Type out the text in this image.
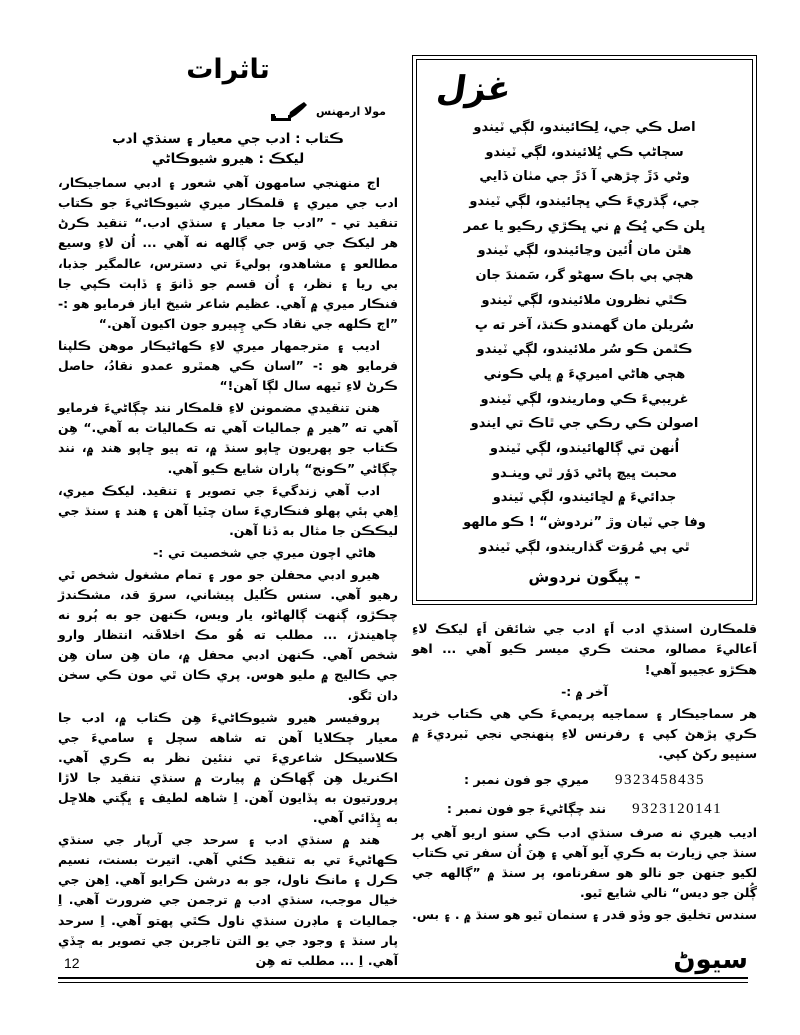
تاثرات
مولا ارمهنس
ڪتاب : ادب جي معيار ۽ سنڌي ادب
ليکڪ : هيرو شيوڪاڻي

اڄ منهنجي سامهون آهي شعور ۽ ادبي سماجيڪار، ادب جي ميري ۽ قلمڪار ميري شيوڪاڻيءَ جو ڪتاب تنقيد تي - ”ادب جا معيار ۽ سنڌي ادب.“ تنقيد ڪرڻ هر ليکڪ جي وَس جي ڳالهه نه آهي ... اُن لاءِ وسيع مطالعو ۽ مشاهدو، ٻوليءَ تي دسترس، عالمگير جذبا، بي ريا ۽ نظر، ۽ اُن قسم جو ڏانوَ ۽ ڏاٻت ڪپي جا فنڪار ميري ۾ آهي. عظيم شاعر شيخ اياز فرمايو هو :- ”اڄ ڪلهه جي نقاد ڪي چِپيرو جون اکيون آهن.“

اديب ۽ مترجمهار ميري لاءِ ڪهاڻيڪار موهن ڪلپنا فرمايو هو :- ”اسان ڪي همٿرو عمدو نقادُ، حاصل ڪرڻ لاءِ ٽيهه سال لڳا آهن!“

هنن تنقيدي مضمونن لاءِ قلمڪار نند چڳاڻيءَ فرمايو آهي ته ”هير ۾ جماليات آهي ته ڪماليات به آهي.“ هِن ڪتاب جو پهريون ڇاپو سنڌ ۾، ته ٻيو ڇاپو هند ۾، نند چڳاڻي ”ڪونج“ پاران شايع ڪيو آهي.

ادب آهي زندگيءَ جي تصوير ۽ تنقيد. ليکڪ ميري، اِهي ٻئي پهلو فنڪاريءَ سان چٽيا آهن ۽ هند ۽ سنڌ جي ليڪڪن جا مثال به ڏنا آهن.

هاڻي اچون ميري جي شخصيت تي :-

هيرو ادبي محفلن جو مور ۽ تمام مشغول شخص ٿي رهيو آهي. سنس ڪُليل پيشاني، سروَ قد، مشڪندڙ چڪڙو، ڳنهت ڳالهاڻو، يار ويس، ڪنهن جو به ٻُرو نه چاهيندڙ، ... مطلب ته هُو مڪ اخلاقَنہ انتظار وارو شخص آهي. ڪنهن ادبي محفل ۾، مان هِن سان هِن جي ڪاليج ۾ مليو هوس. پري ڪان ٿي مون ڪي سخن دان ٿگو.

پروفيسر هيرو شيوڪاڻيءَ هِن ڪتاب ۾، ادب جا معيار چڪلايا آهن ته شاهه سچل ۽ ساميءَ جي ڪلاسيڪل شاعريءَ تي ننئين نظر به ڪري آهي. اڪنريل هِن ڳهاڪن ۾ پيارت ۾ سنڌي تنقيد جا لاڙا پرورتيون به پڏايون آهن. اِ شاهه لطيف ۽ ڀڳتي هلاڇل به ڀِڏائي آهي.

هند ۾ سنڌي ادب ۽ سرحد جي آرپار جي سنڌي ڪهاڻيءَ تي به تنقيد ڪئي آهي. اتيرت بسنت، نسيم ڪرل ۽ مانڪ ناول، جو به درشن ڪرايو آهي. اِهن جي خيال موجب، سنڌي ادب ۾ ترجمن جي ضرورت آهي. اِ جماليات ۽ ماڊرن سنڌي ناول ڪٿي پهتو آهي. اِ سرحد پار سنڌ ۽ وجود جي يو التن تاجربن جي تصوير به ڇڏي آهي. اِ ... مطلب ته هِن

غزل

اصل ڪي جي، لِڪائيندو، لڳي ٽيندو

سڄاڻپ ڪي ڀُلائيندو، لڳي ٽيندو

وڻي دَڙَ چڙهي آ دَڙَ جي مٺان ڏايي

جي، ڳڌريءَ ڪي ڀڄائيندو، لڳي ٽيندو

ڀلن ڪي ڀُڪ ۾ ني ڀڪڙي رڪيو يا عمر

هٿن مان اُئين وڃائيندو، لڳي ٽيندو

هڄي ٻي باڪ سهڻو گر، سَمندَ جان

ڪٿي نظرون ملائيندو، لڳي ٽيندو

سُريلن مان گهمندو ڪنڌ، آخر ته ڀ

ڪٿمن ڪو سُر ملائيندو، لڳي ٽيندو

هڄي هاڻي اميريءَ ۾ ڀلي ڪوني

غريبيءَ ڪي وماريندو، لڳي ٽيندو

اصولن ڪي رڪي جي ٿاڪ تي ايندو

اُنهن تي ڳالهائيندو، لڳي ٽيندو

محبت ڀيچ پاڻي دَؤر ٿي وينـدو

جدائيءَ ۾ لڇائيندو، لڳي ٽيندو

وفا جي ٽيان وڙ ”نردوش“ ! ڪو مالهو

ٿي ٻي مُروَت گذاريندو، لڳي ٽيندو

- پيگون نردوش

قلمڪارن اسنڌي ادب اَ۽ ادب جي شائقن اَ۽ ليکڪ لاءِ اَعاليءَ مصالو، محنت ڪري ميسر ڪيو آهي ... اهو هڪڙو عجيبو آهي!

آخر ۾ :-

هر سماجيڪار ۽ سماجيه پريميءَ ڪي هي ڪتاب خريد ڪري پڙهڻ کپي ۽ رفرنس لاءِ پنهنجي نجي ٽبرديءَ ۾ سنڀيو رکڻ کپي.

9323458435
ميري جو فون نمبر :
9323120141
نند چڳاڻيءَ جو فون نمبر :

اديب هيري نه صرف سنڌي ادب ڪي سنو اريو آهي پر سنڌ جي زيارت به ڪري آيو آهي ۽ هِنَ اُن سفر تي ڪتاب لکيو جنهن جو نالو هو سفرنامو، پر سنڌ ۾ ”ڳالهه جي ڳُلن جو ديس“ نالي شايع ٿيو.

سندس تخليق جو وڏو قدر ۽ سنمان ٿيو هو سنڌ ۾ . ۽ بس.

12	سيوڻ
